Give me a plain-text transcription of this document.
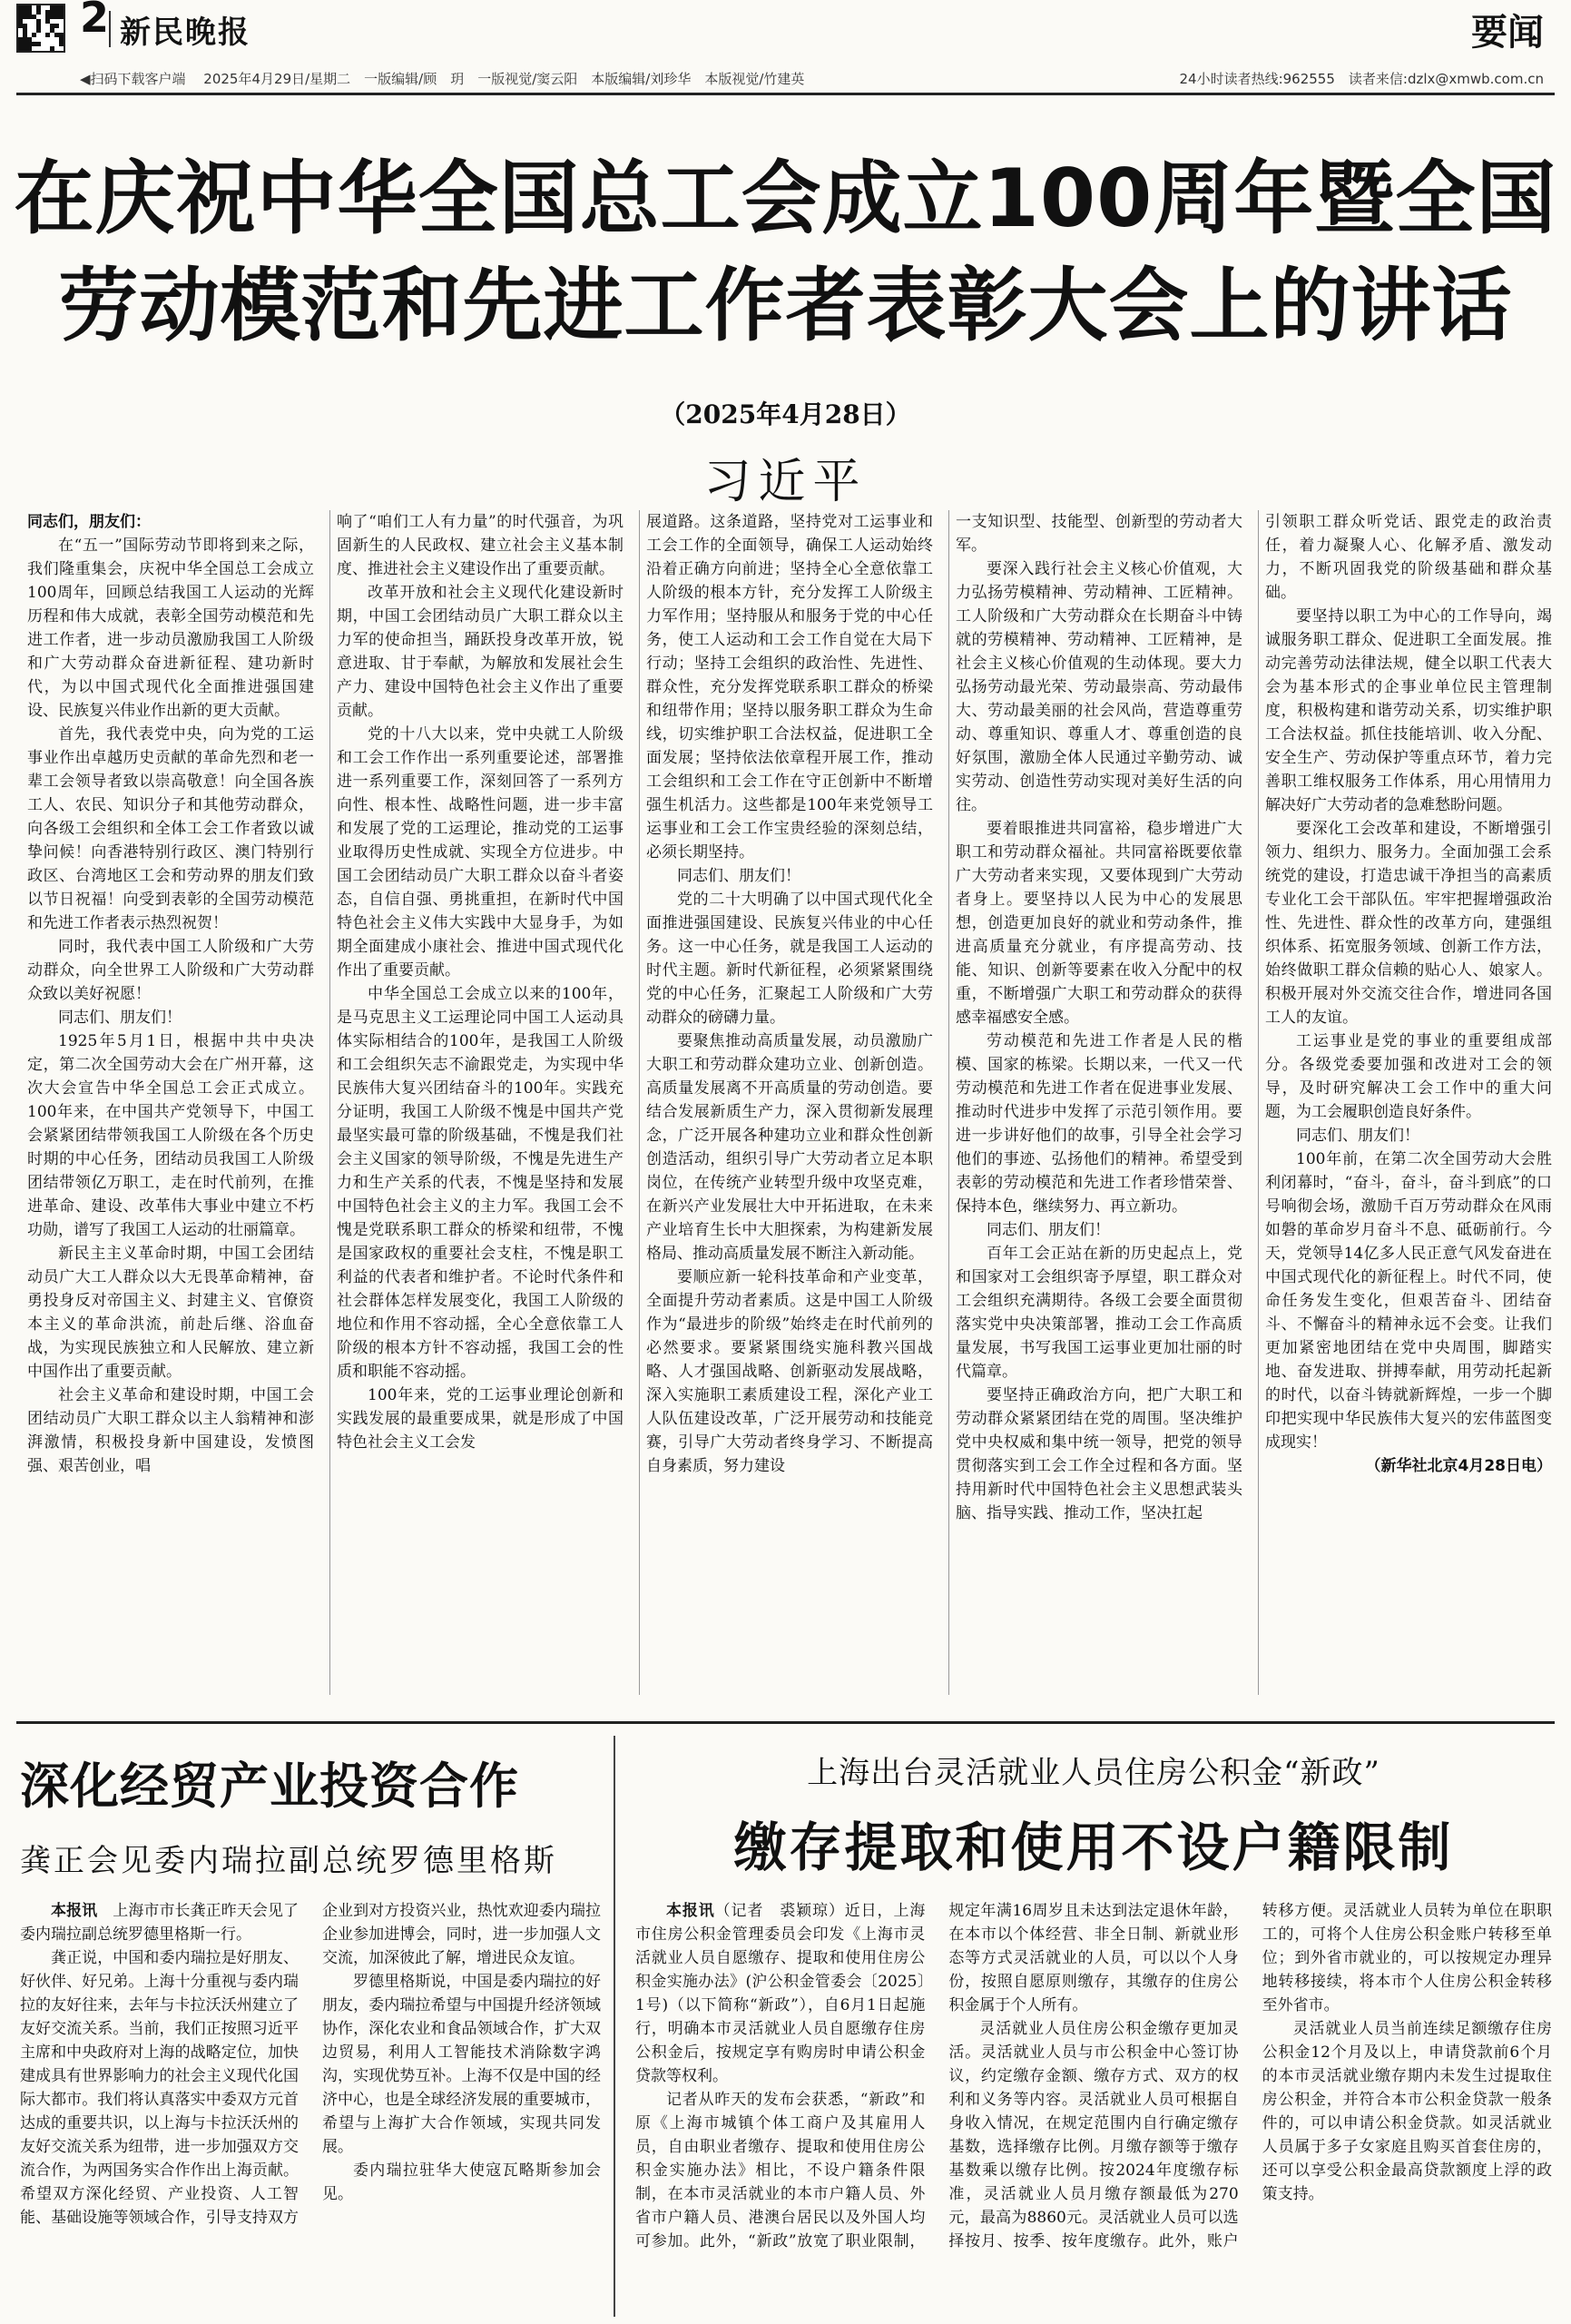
2 新民晚报	要闻
◀扫码下载客户端　 2025年4月29日/星期二　一版编辑/顾　玥　一版视觉/窦云阳　本版编辑/刘珍华　本版视觉/竹建英	24小时读者热线:962555　读者来信:dzlx@xmwb.com.cn
在庆祝中华全国总工会成立100周年暨全国
劳动模范和先进工作者表彰大会上的讲话
（2025年4月28日）
习近平

同志们，朋友们：

在“五一”国际劳动节即将到来之际，我们隆重集会，庆祝中华全国总工会成立100周年，回顾总结我国工人运动的光辉历程和伟大成就，表彰全国劳动模范和先进工作者，进一步动员激励我国工人阶级和广大劳动群众奋进新征程、建功新时代，为以中国式现代化全面推进强国建设、民族复兴伟业作出新的更大贡献。

首先，我代表党中央，向为党的工运事业作出卓越历史贡献的革命先烈和老一辈工会领导者致以崇高敬意！向全国各族工人、农民、知识分子和其他劳动群众，向各级工会组织和全体工会工作者致以诚挚问候！向香港特别行政区、澳门特别行政区、台湾地区工会和劳动界的朋友们致以节日祝福！向受到表彰的全国劳动模范和先进工作者表示热烈祝贺！

同时，我代表中国工人阶级和广大劳动群众，向全世界工人阶级和广大劳动群众致以美好祝愿！

同志们、朋友们！

1925年5月1日，根据中共中央决定，第二次全国劳动大会在广州开幕，这次大会宣告中华全国总工会正式成立。100年来，在中国共产党领导下，中国工会紧紧团结带领我国工人阶级在各个历史时期的中心任务，团结动员我国工人阶级团结带领亿万职工，走在时代前列，在推进革命、建设、改革伟大事业中建立不朽功勋，谱写了我国工人运动的壮丽篇章。

新民主主义革命时期，中国工会团结动员广大工人群众以大无畏革命精神，奋勇投身反对帝国主义、封建主义、官僚资本主义的革命洪流，前赴后继、浴血奋战，为实现民族独立和人民解放、建立新中国作出了重要贡献。

社会主义革命和建设时期，中国工会团结动员广大职工群众以主人翁精神和澎湃激情，积极投身新中国建设，发愤图强、艰苦创业，唱

响了“咱们工人有力量”的时代强音，为巩固新生的人民政权、建立社会主义基本制度、推进社会主义建设作出了重要贡献。

改革开放和社会主义现代化建设新时期，中国工会团结动员广大职工群众以主力军的使命担当，踊跃投身改革开放，锐意进取、甘于奉献，为解放和发展社会生产力、建设中国特色社会主义作出了重要贡献。

党的十八大以来，党中央就工人阶级和工会工作作出一系列重要论述，部署推进一系列重要工作，深刻回答了一系列方向性、根本性、战略性问题，进一步丰富和发展了党的工运理论，推动党的工运事业取得历史性成就、实现全方位进步。中国工会团结动员广大职工群众以奋斗者姿态，自信自强、勇挑重担，在新时代中国特色社会主义伟大实践中大显身手，为如期全面建成小康社会、推进中国式现代化作出了重要贡献。

中华全国总工会成立以来的100年，是马克思主义工运理论同中国工人运动具体实际相结合的100年，是我国工人阶级和工会组织矢志不渝跟党走，为实现中华民族伟大复兴团结奋斗的100年。实践充分证明，我国工人阶级不愧是中国共产党最坚实最可靠的阶级基础，不愧是我们社会主义国家的领导阶级，不愧是先进生产力和生产关系的代表，不愧是坚持和发展中国特色社会主义的主力军。我国工会不愧是党联系职工群众的桥梁和纽带，不愧是国家政权的重要社会支柱，不愧是职工利益的代表者和维护者。不论时代条件和社会群体怎样发展变化，我国工人阶级的地位和作用不容动摇，全心全意依靠工人阶级的根本方针不容动摇，我国工会的性质和职能不容动摇。

100年来，党的工运事业理论创新和实践发展的最重要成果，就是形成了中国特色社会主义工会发

展道路。这条道路，坚持党对工运事业和工会工作的全面领导，确保工人运动始终沿着正确方向前进；坚持全心全意依靠工人阶级的根本方针，充分发挥工人阶级主力军作用；坚持服从和服务于党的中心任务，使工人运动和工会工作自觉在大局下行动；坚持工会组织的政治性、先进性、群众性，充分发挥党联系职工群众的桥梁和纽带作用；坚持以服务职工群众为生命线，切实维护职工合法权益，促进职工全面发展；坚持依法依章程开展工作，推动工会组织和工会工作在守正创新中不断增强生机活力。这些都是100年来党领导工运事业和工会工作宝贵经验的深刻总结，必须长期坚持。

同志们、朋友们！

党的二十大明确了以中国式现代化全面推进强国建设、民族复兴伟业的中心任务。这一中心任务，就是我国工人运动的时代主题。新时代新征程，必须紧紧围绕党的中心任务，汇聚起工人阶级和广大劳动群众的磅礴力量。

要聚焦推动高质量发展，动员激励广大职工和劳动群众建功立业、创新创造。高质量发展离不开高质量的劳动创造。要结合发展新质生产力，深入贯彻新发展理念，广泛开展各种建功立业和群众性创新创造活动，组织引导广大劳动者立足本职岗位，在传统产业转型升级中攻坚克难，在新兴产业发展壮大中开拓进取，在未来产业培育生长中大胆探索，为构建新发展格局、推动高质量发展不断注入新动能。

要顺应新一轮科技革命和产业变革，全面提升劳动者素质。这是中国工人阶级作为“最进步的阶级”始终走在时代前列的必然要求。要紧紧围绕实施科教兴国战略、人才强国战略、创新驱动发展战略，深入实施职工素质建设工程，深化产业工人队伍建设改革，广泛开展劳动和技能竞赛，引导广大劳动者终身学习、不断提高自身素质，努力建设

一支知识型、技能型、创新型的劳动者大军。

要深入践行社会主义核心价值观，大力弘扬劳模精神、劳动精神、工匠精神。工人阶级和广大劳动群众在长期奋斗中铸就的劳模精神、劳动精神、工匠精神，是社会主义核心价值观的生动体现。要大力弘扬劳动最光荣、劳动最崇高、劳动最伟大、劳动最美丽的社会风尚，营造尊重劳动、尊重知识、尊重人才、尊重创造的良好氛围，激励全体人民通过辛勤劳动、诚实劳动、创造性劳动实现对美好生活的向往。

要着眼推进共同富裕，稳步增进广大职工和劳动群众福祉。共同富裕既要依靠广大劳动者来实现，又要体现到广大劳动者身上。要坚持以人民为中心的发展思想，创造更加良好的就业和劳动条件，推进高质量充分就业，有序提高劳动、技能、知识、创新等要素在收入分配中的权重，不断增强广大职工和劳动群众的获得感幸福感安全感。

劳动模范和先进工作者是人民的楷模、国家的栋梁。长期以来，一代又一代劳动模范和先进工作者在促进事业发展、推动时代进步中发挥了示范引领作用。要进一步讲好他们的故事，引导全社会学习他们的事迹、弘扬他们的精神。希望受到表彰的劳动模范和先进工作者珍惜荣誉、保持本色，继续努力、再立新功。

同志们、朋友们！

百年工会正站在新的历史起点上，党和国家对工会组织寄予厚望，职工群众对工会组织充满期待。各级工会要全面贯彻落实党中央决策部署，推动工会工作高质量发展，书写我国工运事业更加壮丽的时代篇章。

要坚持正确政治方向，把广大职工和劳动群众紧紧团结在党的周围。坚决维护党中央权威和集中统一领导，把党的领导贯彻落实到工会工作全过程和各方面。坚持用新时代中国特色社会主义思想武装头脑、指导实践、推动工作，坚决扛起

引领职工群众听党话、跟党走的政治责任，着力凝聚人心、化解矛盾、激发动力，不断巩固我党的阶级基础和群众基础。

要坚持以职工为中心的工作导向，竭诚服务职工群众、促进职工全面发展。推动完善劳动法律法规，健全以职工代表大会为基本形式的企事业单位民主管理制度，积极构建和谐劳动关系，切实维护职工合法权益。抓住技能培训、收入分配、安全生产、劳动保护等重点环节，着力完善职工维权服务工作体系，用心用情用力解决好广大劳动者的急难愁盼问题。

要深化工会改革和建设，不断增强引领力、组织力、服务力。全面加强工会系统党的建设，打造忠诚干净担当的高素质专业化工会干部队伍。牢牢把握增强政治性、先进性、群众性的改革方向，建强组织体系、拓宽服务领域、创新工作方法，始终做职工群众信赖的贴心人、娘家人。积极开展对外交流交往合作，增进同各国工人的友谊。

工运事业是党的事业的重要组成部分。各级党委要加强和改进对工会的领导，及时研究解决工会工作中的重大问题，为工会履职创造良好条件。

同志们、朋友们！

100年前，在第二次全国劳动大会胜利闭幕时，“奋斗，奋斗，奋斗到底”的口号响彻会场，激励千百万劳动群众在风雨如磐的革命岁月奋斗不息、砥砺前行。今天，党领导14亿多人民正意气风发奋进在中国式现代化的新征程上。时代不同，使命任务发生变化，但艰苦奋斗、团结奋斗、不懈奋斗的精神永远不会变。让我们更加紧密地团结在党中央周围，脚踏实地、奋发进取、拼搏奉献，用劳动托起新的时代，以奋斗铸就新辉煌，一步一个脚印把实现中华民族伟大复兴的宏伟蓝图变成现实！

（新华社北京4月28日电）

深化经贸产业投资合作
龚正会见委内瑞拉副总统罗德里格斯

本报讯　 上海市市长龚正昨天会见了委内瑞拉副总统罗德里格斯一行。

龚正说，中国和委内瑞拉是好朋友、好伙伴、好兄弟。上海十分重视与委内瑞拉的友好往来，去年与卡拉沃沃州建立了友好交流关系。当前，我们正按照习近平主席和中央政府对上海的战略定位，加快建成具有世界影响力的社会主义现代化国际大都市。我们将认真落实中委双方元首达成的重要共识，以上海与卡拉沃沃州的友好交流关系为纽带，进一步加强双方交流合作，为两国务实合作作出上海贡献。希望双方深化经贸、产业投资、人工智能、基础设施等领域合作，引导支持双方企业到对方投资兴业，热忱欢迎委内瑞拉企业参加进博会，同时，进一步加强人文交流，加深彼此了解，增进民众友谊。

罗德里格斯说，中国是委内瑞拉的好朋友，委内瑞拉希望与中国提升经济领域协作，深化农业和食品领域合作，扩大双边贸易，利用人工智能技术消除数字鸿沟，实现优势互补。上海不仅是中国的经济中心，也是全球经济发展的重要城市，希望与上海扩大合作领域，实现共同发展。

委内瑞拉驻华大使寇瓦略斯参加会见。

上海出台灵活就业人员住房公积金“新政”
缴存提取和使用不设户籍限制

本报讯（记者　裘颖琼）近日，上海市住房公积金管理委员会印发《上海市灵活就业人员自愿缴存、提取和使用住房公积金实施办法》(沪公积金管委会〔2025〕1号)（以下简称“新政”），自6月1日起施行，明确本市灵活就业人员自愿缴存住房公积金后，按规定享有购房时申请公积金贷款等权利。

记者从昨天的发布会获悉，“新政”和原《上海市城镇个体工商户及其雇用人员，自由职业者缴存、提取和使用住房公积金实施办法》相比，不设户籍条件限制，在本市灵活就业的本市户籍人员、外省市户籍人员、港澳台居民以及外国人均可参加。此外，“新政”放宽了职业限制，规定年满16周岁且未达到法定退休年龄，在本市以个体经营、非全日制、新就业形态等方式灵活就业的人员，可以以个人身份，按照自愿原则缴存，其缴存的住房公积金属于个人所有。

灵活就业人员住房公积金缴存更加灵活。灵活就业人员与市公积金中心签订协议，约定缴存金额、缴存方式、双方的权利和义务等内容。灵活就业人员可根据自身收入情况，在规定范围内自行确定缴存基数，选择缴存比例。月缴存额等于缴存基数乘以缴存比例。按2024年度缴存标准，灵活就业人员月缴存额最低为270元，最高为8860元。灵活就业人员可以选择按月、按季、按年度缴存。此外，账户转移方便。灵活就业人员转为单位在职职工的，可将个人住房公积金账户转移至单位；到外省市就业的，可以按规定办理异地转移接续，将本市个人住房公积金转移至外省市。

灵活就业人员当前连续足额缴存住房公积金12个月及以上，申请贷款前6个月的本市灵活就业缴存期内未发生过提取住房公积金，并符合本市公积金贷款一般条件的，可以申请公积金贷款。如灵活就业人员属于多子女家庭且购买首套住房的，还可以享受公积金最高贷款额度上浮的政策支持。
